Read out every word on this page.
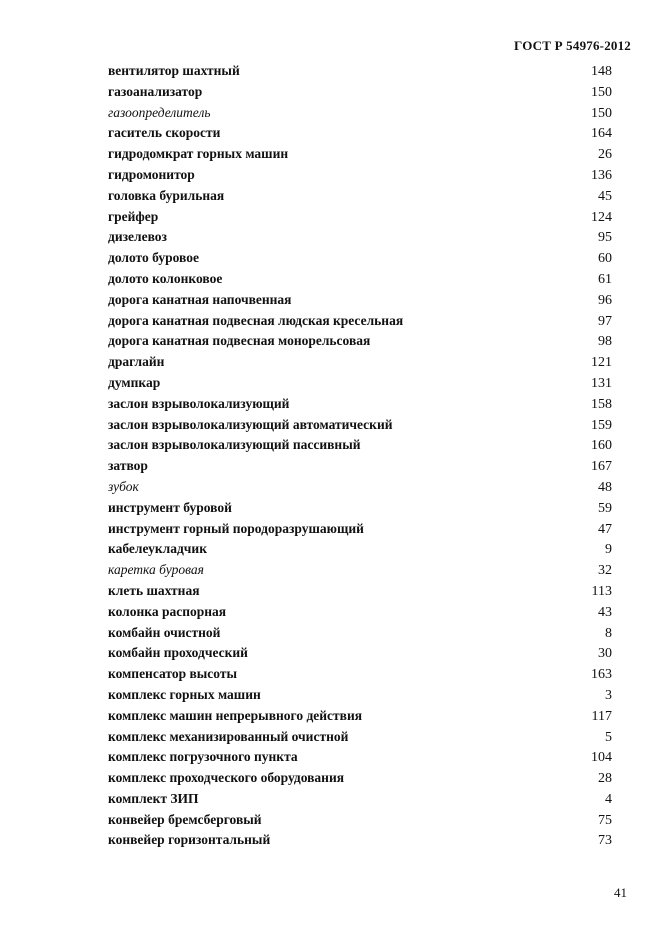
ГОСТ Р 54976-2012
вентилятор шахтный	148
газоанализатор	150
газоопределитель	150
гаситель скорости	164
гидродомкрат горных машин	26
гидромонитор	136
головка бурильная	45
грейфер	124
дизелевоз	95
долото буровое	60
долото колонковое	61
дорога канатная напочвенная	96
дорога канатная подвесная людская кресельная	97
дорога канатная подвесная монорельсовая	98
драглайн	121
думпкар	131
заслон взрыволокализующий	158
заслон взрыволокализующий автоматический	159
заслон взрыволокализующий пассивный	160
затвор	167
зубок	48
инструмент буровой	59
инструмент горный породоразрушающий	47
кабелеукладчик	9
каретка буровая	32
клеть шахтная	113
колонка распорная	43
комбайн очистной	8
комбайн проходческий	30
компенсатор высоты	163
комплекс горных машин	3
комплекс машин непрерывного действия	117
комплекс механизированный очистной	5
комплекс погрузочного пункта	104
комплекс проходческого оборудования	28
комплект ЗИП	4
конвейер бремсберговый	75
конвейер горизонтальный	73
41
